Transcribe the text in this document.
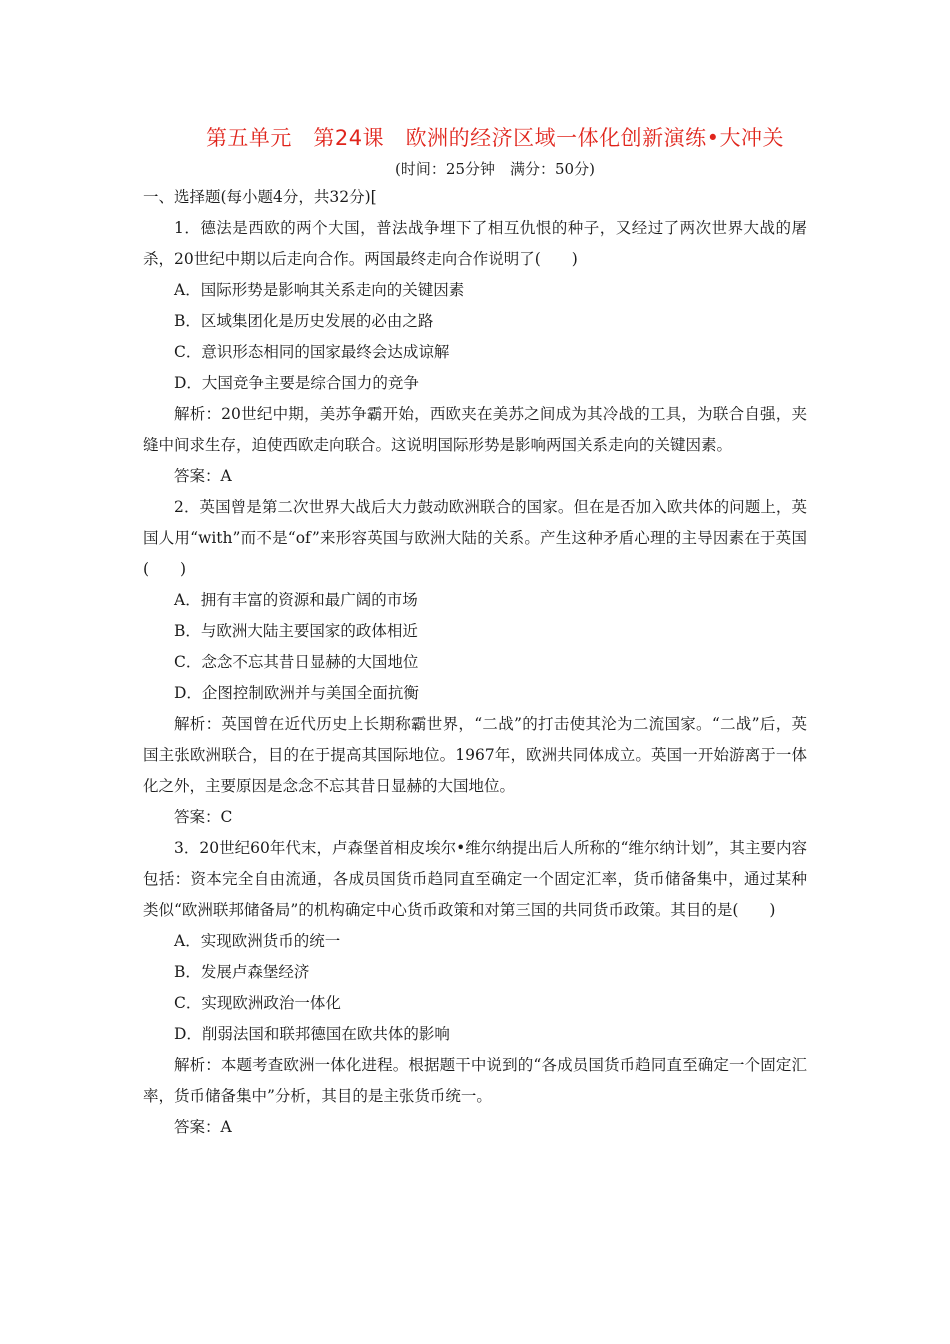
第五单元　第24课　欧洲的经济区域一体化创新演练•大冲关
(时间：25分钟　满分：50分)

一、选择题(每小题4分，共32分)[

1．德法是西欧的两个大国，普法战争埋下了相互仇恨的种子，又经过了两次世界大战的屠杀，20世纪中期以后走向合作。两国最终走向合作说明了(　　)

A．国际形势是影响其关系走向的关键因素

B．区域集团化是历史发展的必由之路

C．意识形态相同的国家最终会达成谅解

D．大国竞争主要是综合国力的竞争

解析：20世纪中期，美苏争霸开始，西欧夹在美苏之间成为其冷战的工具，为联合自强，夹缝中间求生存，迫使西欧走向联合。这说明国际形势是影响两国关系走向的关键因素。

答案：A

2．英国曾是第二次世界大战后大力鼓动欧洲联合的国家。但在是否加入欧共体的问题上，英国人用“with”而不是“of”来形容英国与欧洲大陆的关系。产生这种矛盾心理的主导因素在于英国(　　)

A．拥有丰富的资源和最广阔的市场

B．与欧洲大陆主要国家的政体相近

C．念念不忘其昔日显赫的大国地位

D．企图控制欧洲并与美国全面抗衡

解析：英国曾在近代历史上长期称霸世界，“二战”的打击使其沦为二流国家。“二战”后，英国主张欧洲联合，目的在于提高其国际地位。1967年，欧洲共同体成立。英国一开始游离于一体化之外，主要原因是念念不忘其昔日显赫的大国地位。

答案：C

3．20世纪60年代末，卢森堡首相皮埃尔•维尔纳提出后人所称的“维尔纳计划”，其主要内容包括：资本完全自由流通，各成员国货币趋同直至确定一个固定汇率，货币储备集中，通过某种类似“欧洲联邦储备局”的机构确定中心货币政策和对第三国的共同货币政策。其目的是(　　)

A．实现欧洲货币的统一

B．发展卢森堡经济

C．实现欧洲政治一体化

D．削弱法国和联邦德国在欧共体的影响

解析：本题考查欧洲一体化进程。根据题干中说到的“各成员国货币趋同直至确定一个固定汇率，货币储备集中”分析，其目的是主张货币统一。

答案：A
